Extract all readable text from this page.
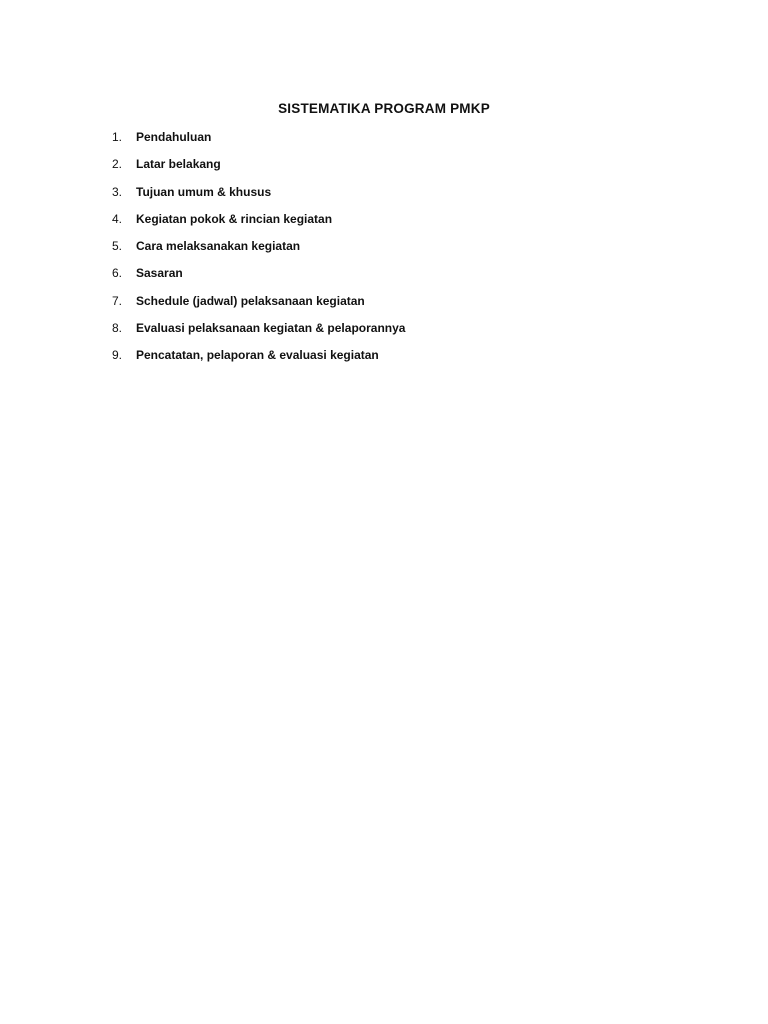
SISTEMATIKA PROGRAM PMKP
1. Pendahuluan
2. Latar belakang
3. Tujuan umum & khusus
4. Kegiatan pokok & rincian kegiatan
5. Cara melaksanakan kegiatan
6. Sasaran
7. Schedule (jadwal) pelaksanaan kegiatan
8. Evaluasi pelaksanaan kegiatan & pelaporannya
9. Pencatatan, pelaporan & evaluasi kegiatan
